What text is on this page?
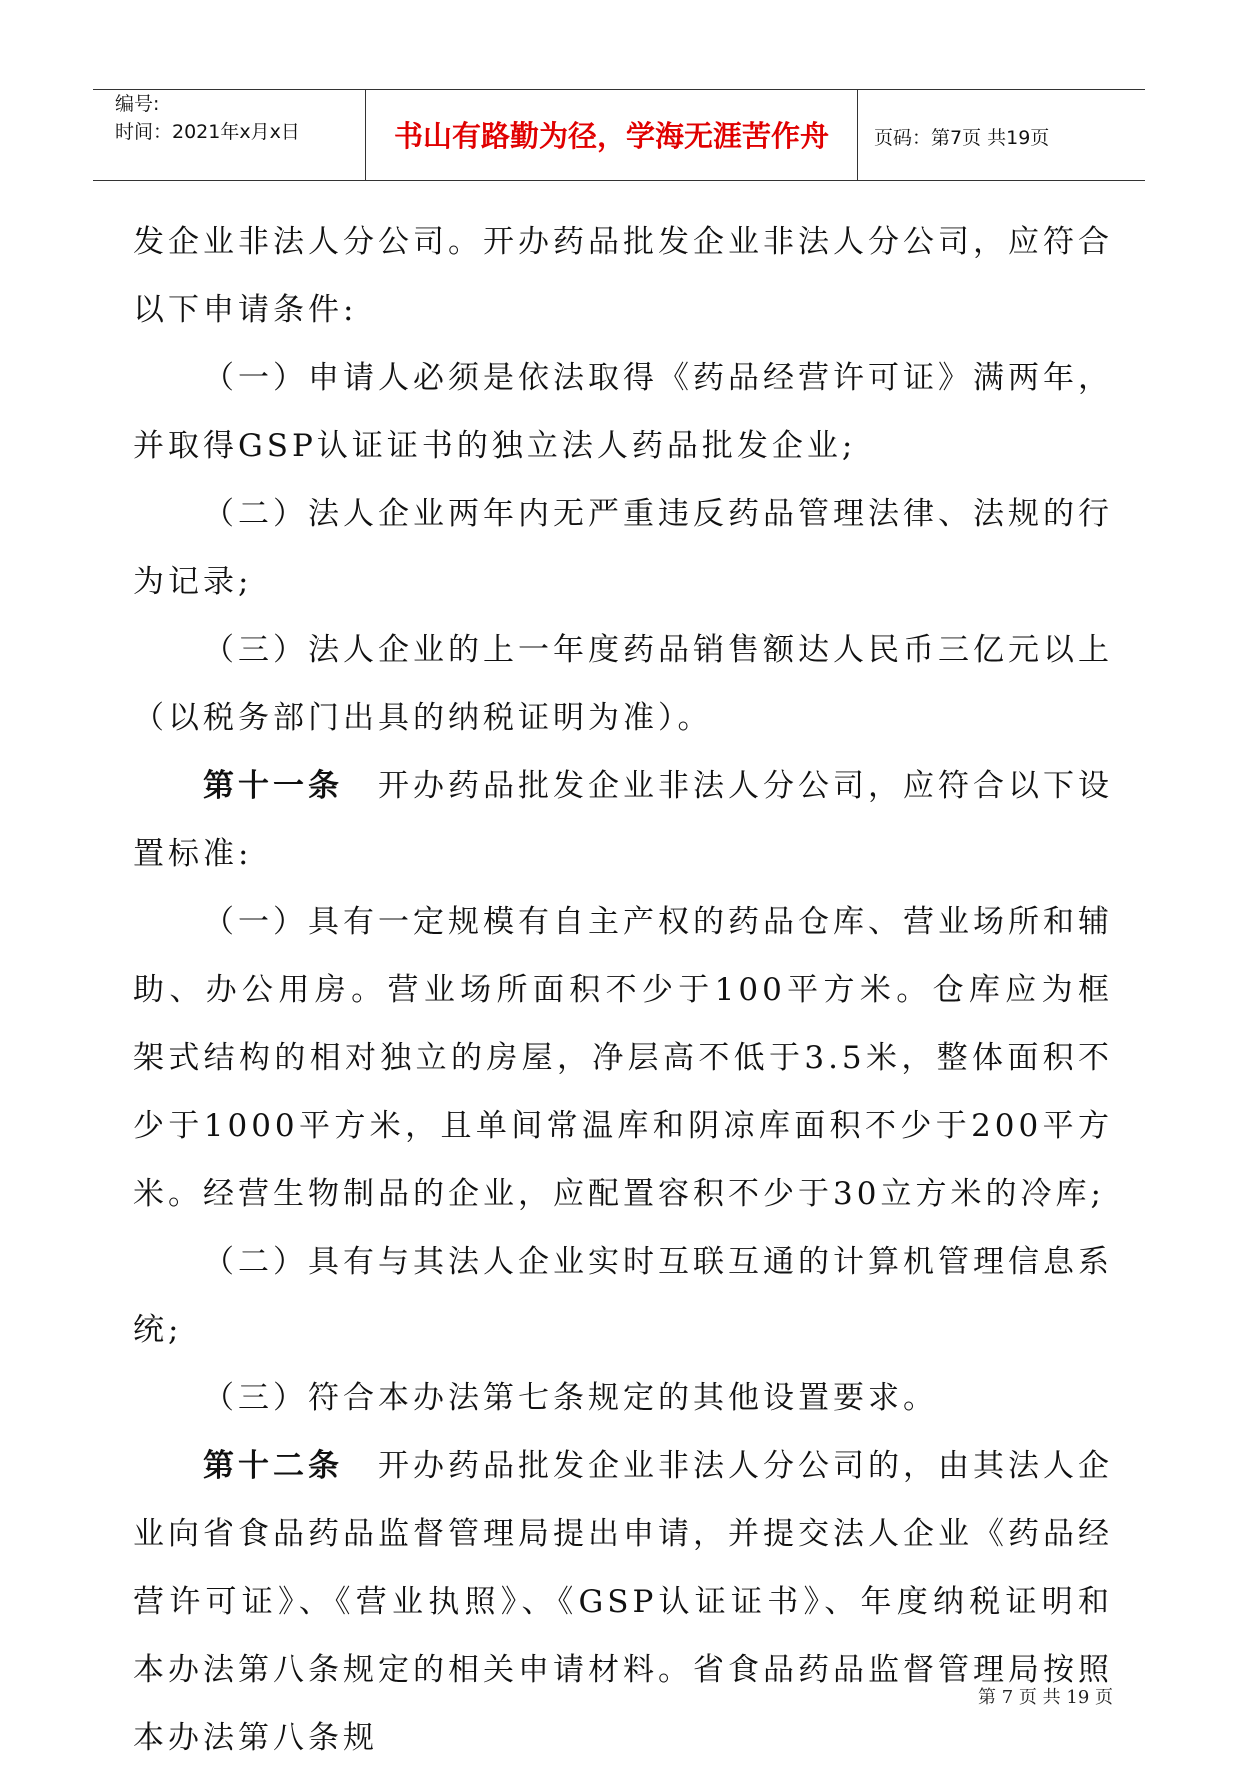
编号:
时间：2021年x月x日	书山有路勤为径，学海无涯苦作舟	页码：第7页 共19页

发企业非法人分公司。开办药品批发企业非法人分公司，应符合以下申请条件:

（一）申请人必须是依法取得《药品经营许可证》满两年，并取得GSP认证证书的独立法人药品批发企业;

（二）法人企业两年内无严重违反药品管理法律、法规的行为记录;

（三）法人企业的上一年度药品销售额达人民币三亿元以上（以税务部门出具的纳税证明为准）。

第十一条　开办药品批发企业非法人分公司，应符合以下设置标准:

（一）具有一定规模有自主产权的药品仓库、营业场所和辅助、办公用房。营业场所面积不少于100平方米。仓库应为框架式结构的相对独立的房屋，净层高不低于3.5米，整体面积不少于1000平方米，且单间常温库和阴凉库面积不少于200平方米。经营生物制品的企业，应配置容积不少于30立方米的冷库;

（二）具有与其法人企业实时互联互通的计算机管理信息系统;

（三）符合本办法第七条规定的其他设置要求。

第十二条　开办药品批发企业非法人分公司的，由其法人企业向省食品药品监督管理局提出申请，并提交法人企业《药品经营许可证》、《营业执照》、《GSP认证证书》、年度纳税证明和本办法第八条规定的相关申请材料。省食品药品监督管理局按照本办法第八条规

第 7 页 共 19 页
